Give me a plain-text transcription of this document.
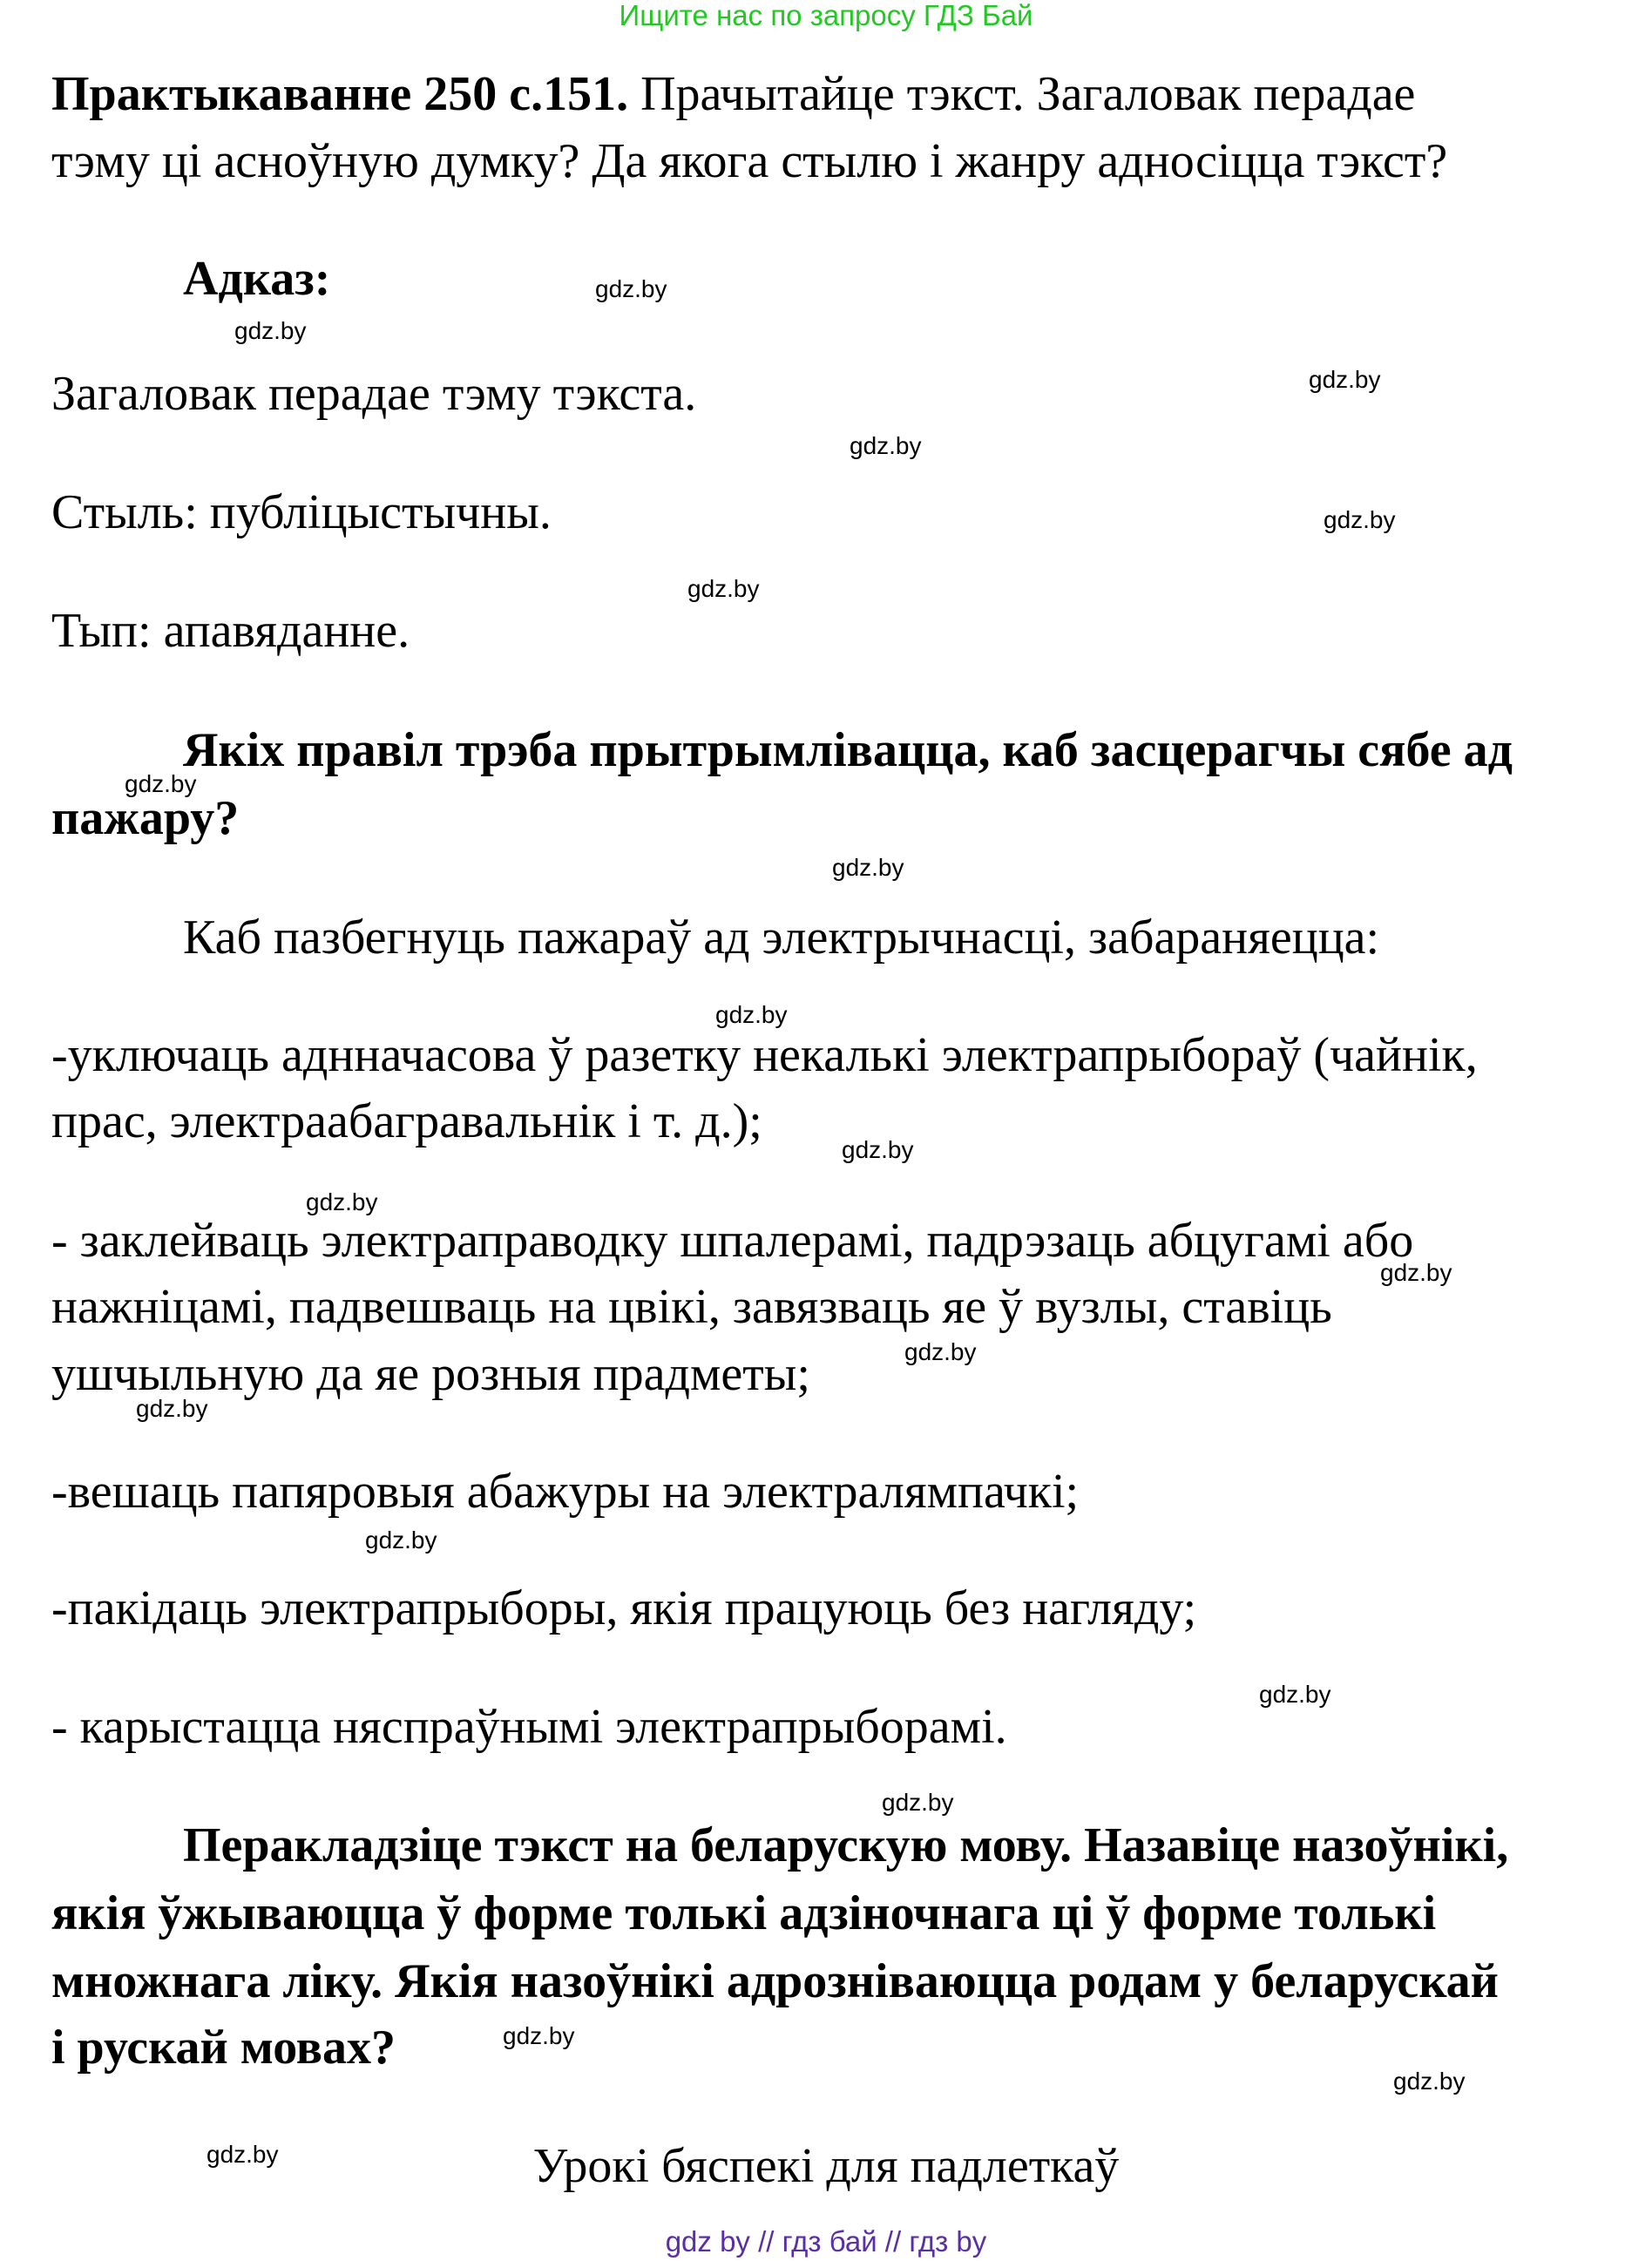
Ищите нас по запросу ГДЗ Бай
Практыкаванне 250 с.151. Прачытайце тэкст. Загаловак перадае
тэму ці асноўную думку? Да якога стылю і жанру адносіцца тэкст?
Адказ:
Загаловак перадае тэму тэкста.
Стыль: публіцыстычны.
Тып: апавяданне.
Якіх правіл трэба прытрымлівацца, каб засцерагчы сябе ад
пажару?
Каб пазбегнуць пажараў ад электрычнасці, забараняецца:
-уключаць аднначасова ў разетку некалькі электрапрыбораў (чайнік,
прас, электраабагравальнік і т. д.);
- заклейваць электраправодку шпалерамі, падрэзаць абцугамі або
нажніцамі, падвешваць на цвікі, завязваць яе ў вузлы, ставіць
ушчыльную да яе розныя прадметы;
-вешаць папяровыя абажуры на электралямпачкі;
-пакідаць электрапрыборы, якія працуюць без нагляду;
- карыстацца няспраўнымі электрапрыборамі.
Перакладзіце тэкст на беларускую мову. Назавіце назоўнікі,
якія ўжываюцца ў форме толькі адзіночнага ці ў форме толькі
множнага ліку. Якія назоўнікі адрозніваюцца родам у беларускай
і рускай мовах?
Урокі бяспекі для падлеткаў
gdz.by
gdz.by
gdz.by
gdz.by
gdz.by
gdz.by
gdz.by
gdz.by
gdz.by
gdz.by
gdz.by
gdz.by
gdz.by
gdz.by
gdz.by
gdz.by
gdz.by
gdz.by
gdz.by
gdz.by
gdz by // гдз бай // гдз by
